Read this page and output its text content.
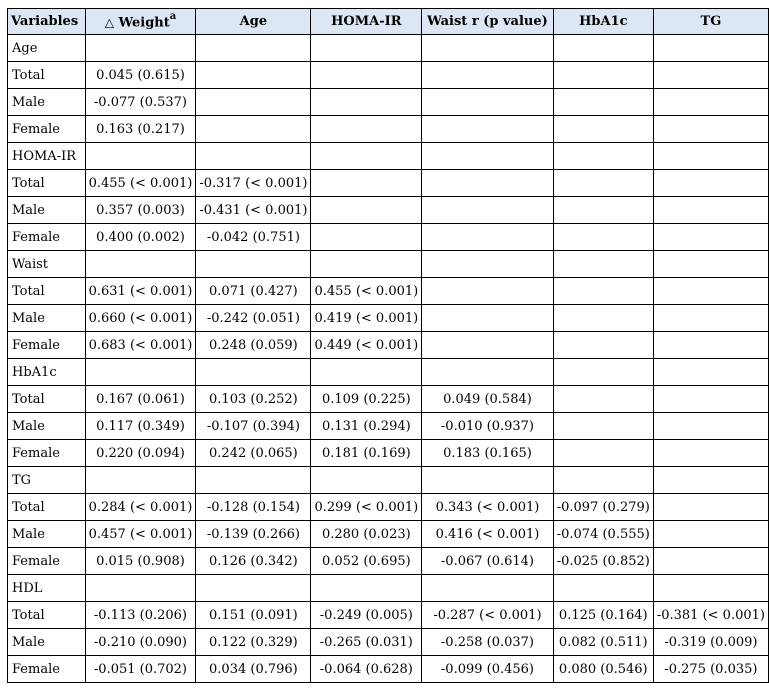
Variables	△ Weight$^a$	Age	HOMA-IR	Waist r (p value)	HbA1c	TG
Age						
Total	0.045 (0.615)					
Male	-0.077 (0.537)					
Female	0.163 (0.217)					
HOMA-IR						
Total	0.455 (< 0.001)	-0.317 (< 0.001)				
Male	0.357 (0.003)	-0.431 (< 0.001)				
Female	0.400 (0.002)	-0.042 (0.751)				
Waist						
Total	0.631 (< 0.001)	0.071 (0.427)	0.455 (< 0.001)			
Male	0.660 (< 0.001)	-0.242 (0.051)	0.419 (< 0.001)			
Female	0.683 (< 0.001)	0.248 (0.059)	0.449 (< 0.001)			
HbA1c						
Total	0.167 (0.061)	0.103 (0.252)	0.109 (0.225)	0.049 (0.584)		
Male	0.117 (0.349)	-0.107 (0.394)	0.131 (0.294)	-0.010 (0.937)		
Female	0.220 (0.094)	0.242 (0.065)	0.181 (0.169)	0.183 (0.165)		
TG						
Total	0.284 (< 0.001)	-0.128 (0.154)	0.299 (< 0.001)	0.343 (< 0.001)	-0.097 (0.279)	
Male	0.457 (< 0.001)	-0.139 (0.266)	0.280 (0.023)	0.416 (< 0.001)	-0.074 (0.555)	
Female	0.015 (0.908)	0.126 (0.342)	0.052 (0.695)	-0.067 (0.614)	-0.025 (0.852)	
HDL						
Total	-0.113 (0.206)	0.151 (0.091)	-0.249 (0.005)	-0.287 (< 0.001)	0.125 (0.164)	-0.381 (< 0.001)
Male	-0.210 (0.090)	0.122 (0.329)	-0.265 (0.031)	-0.258 (0.037)	0.082 (0.511)	-0.319 (0.009)
Female	-0.051 (0.702)	0.034 (0.796)	-0.064 (0.628)	-0.099 (0.456)	0.080 (0.546)	-0.275 (0.035)
